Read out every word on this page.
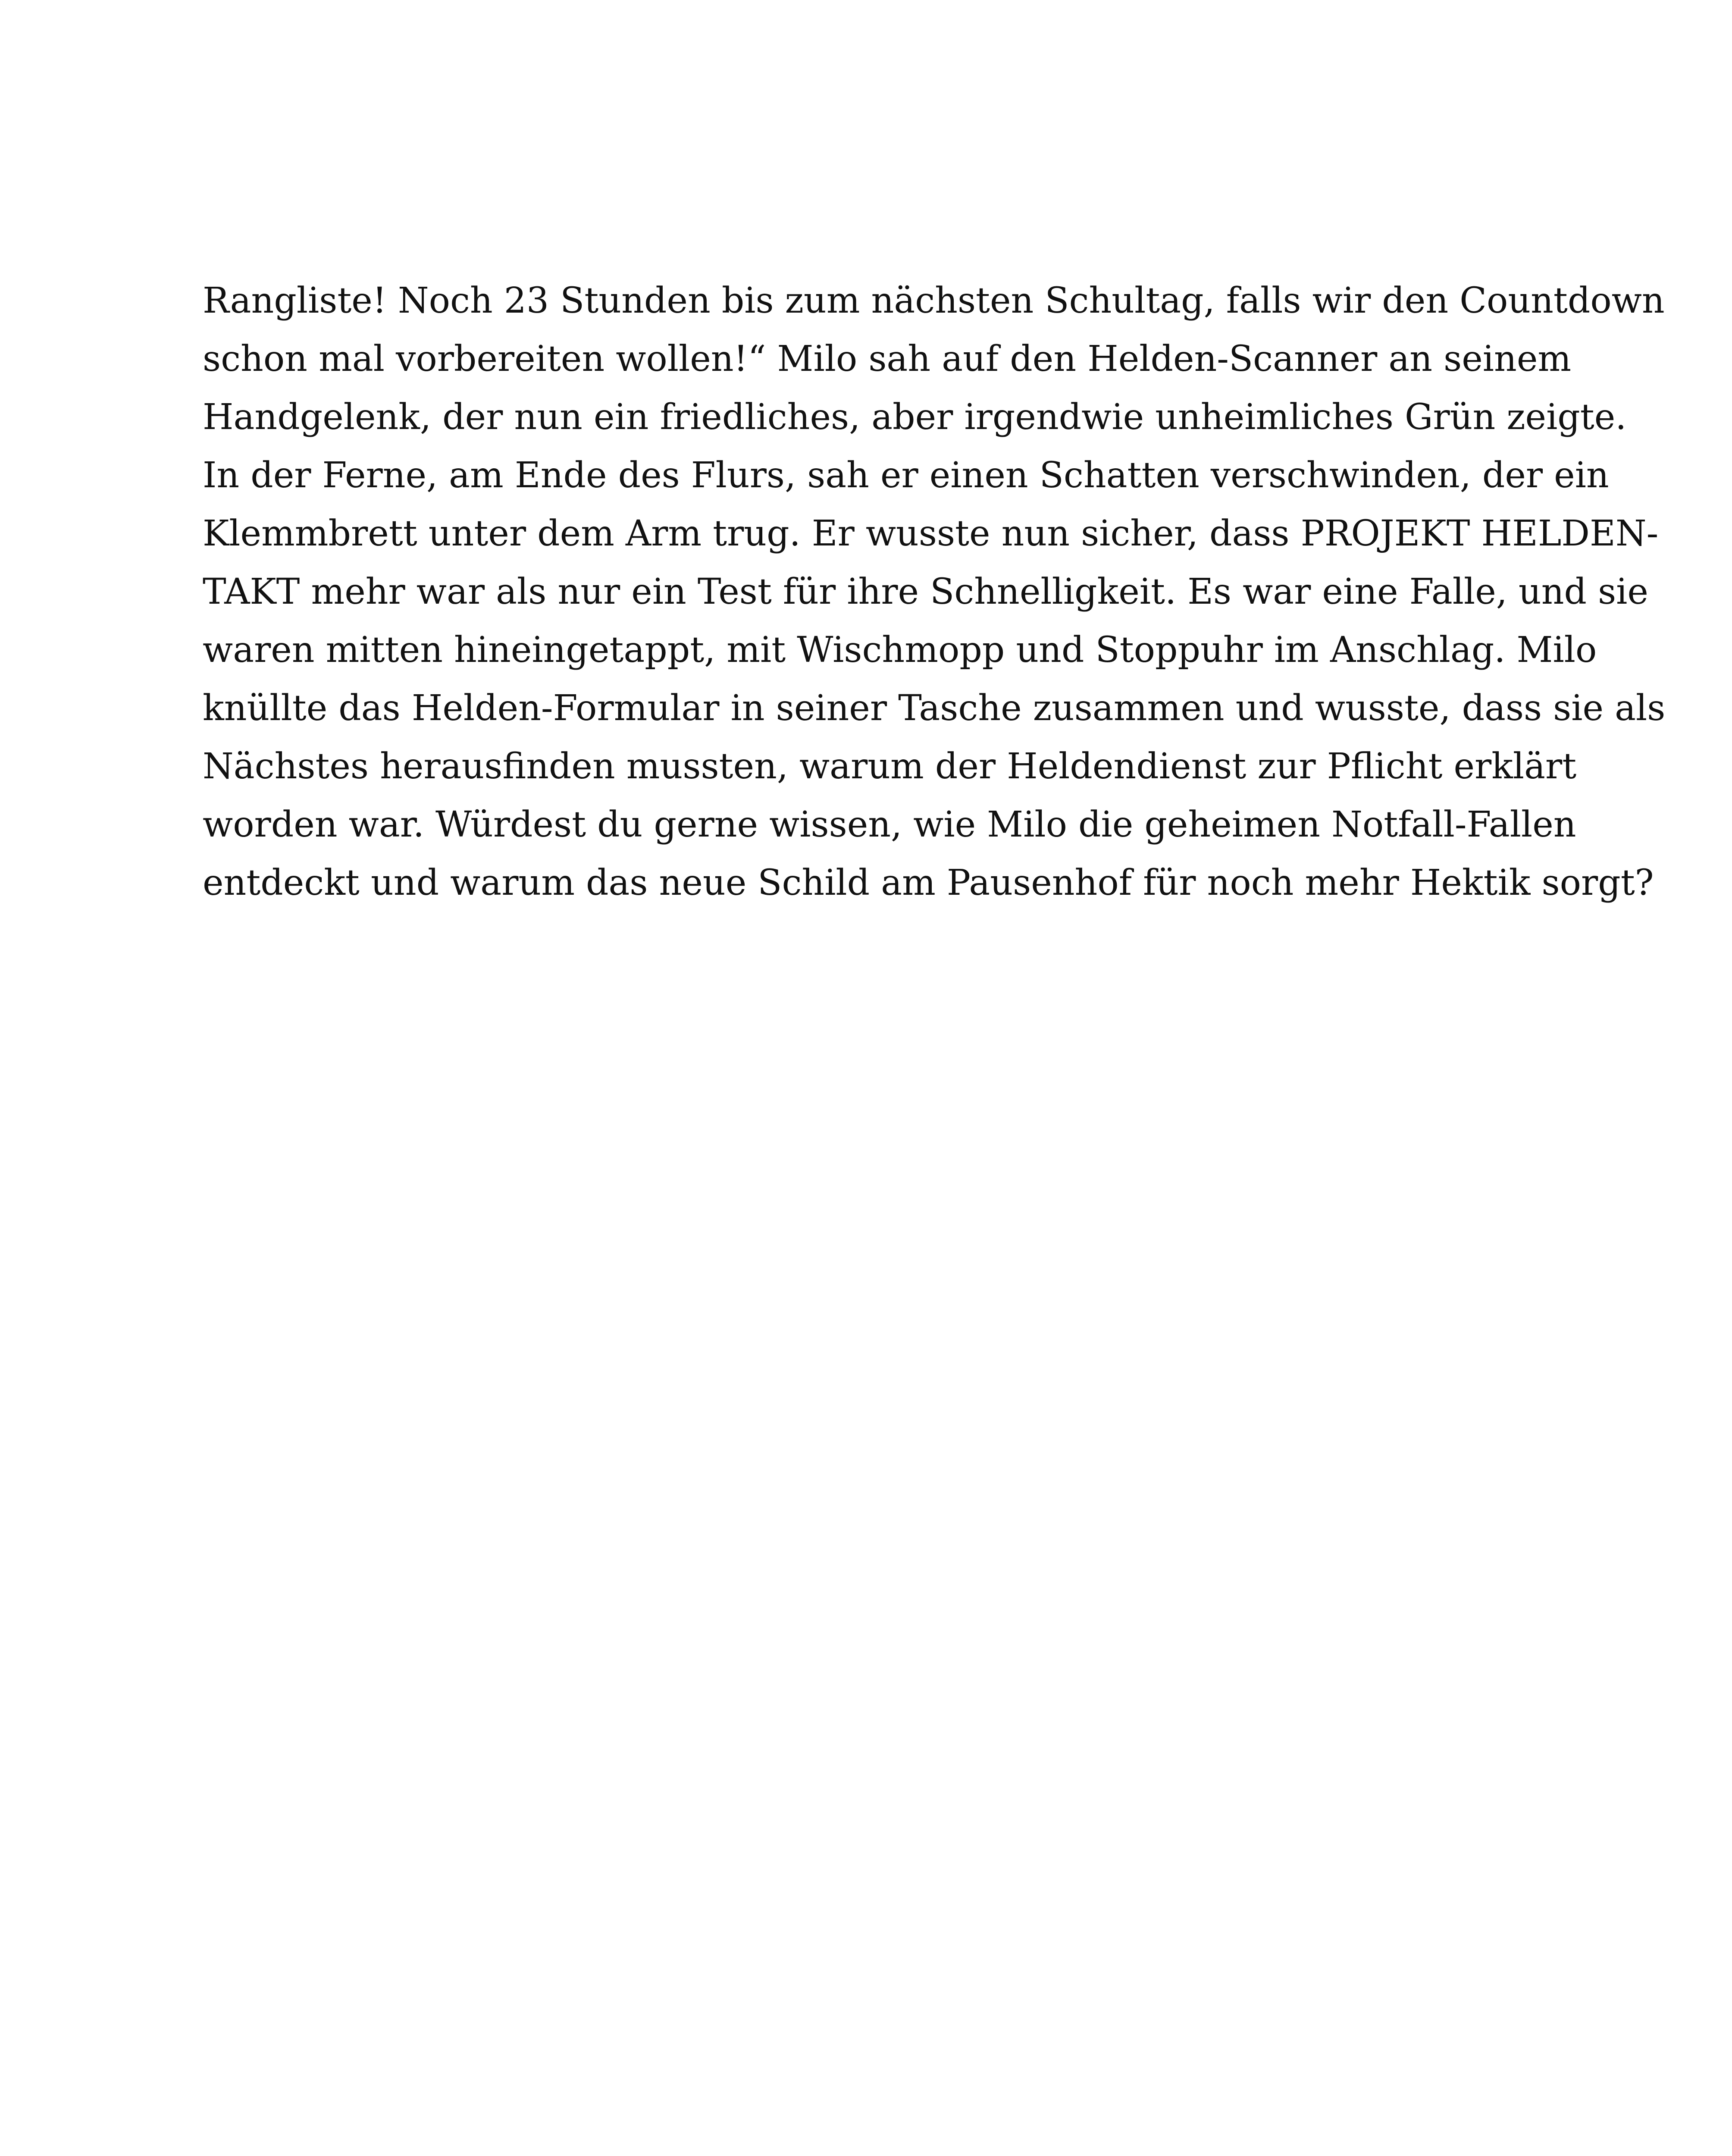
Rangliste! Noch 23 Stunden bis zum nächsten Schultag, falls wir den Countdown
schon mal vorbereiten wollen!“ Milo sah auf den Helden-Scanner an seinem
Handgelenk, der nun ein friedliches, aber irgendwie unheimliches Grün zeigte.
In der Ferne, am Ende des Flurs, sah er einen Schatten verschwinden, der ein
Klemmbrett unter dem Arm trug. Er wusste nun sicher, dass PROJEKT HELDEN-
TAKT mehr war als nur ein Test für ihre Schnelligkeit. Es war eine Falle, und sie
waren mitten hineingetappt, mit Wischmopp und Stoppuhr im Anschlag. Milo
knüllte das Helden-Formular in seiner Tasche zusammen und wusste, dass sie als
Nächstes herausfinden mussten, warum der Heldendienst zur Pflicht erklärt
worden war. Würdest du gerne wissen, wie Milo die geheimen Notfall-Fallen
entdeckt und warum das neue Schild am Pausenhof für noch mehr Hektik sorgt?
